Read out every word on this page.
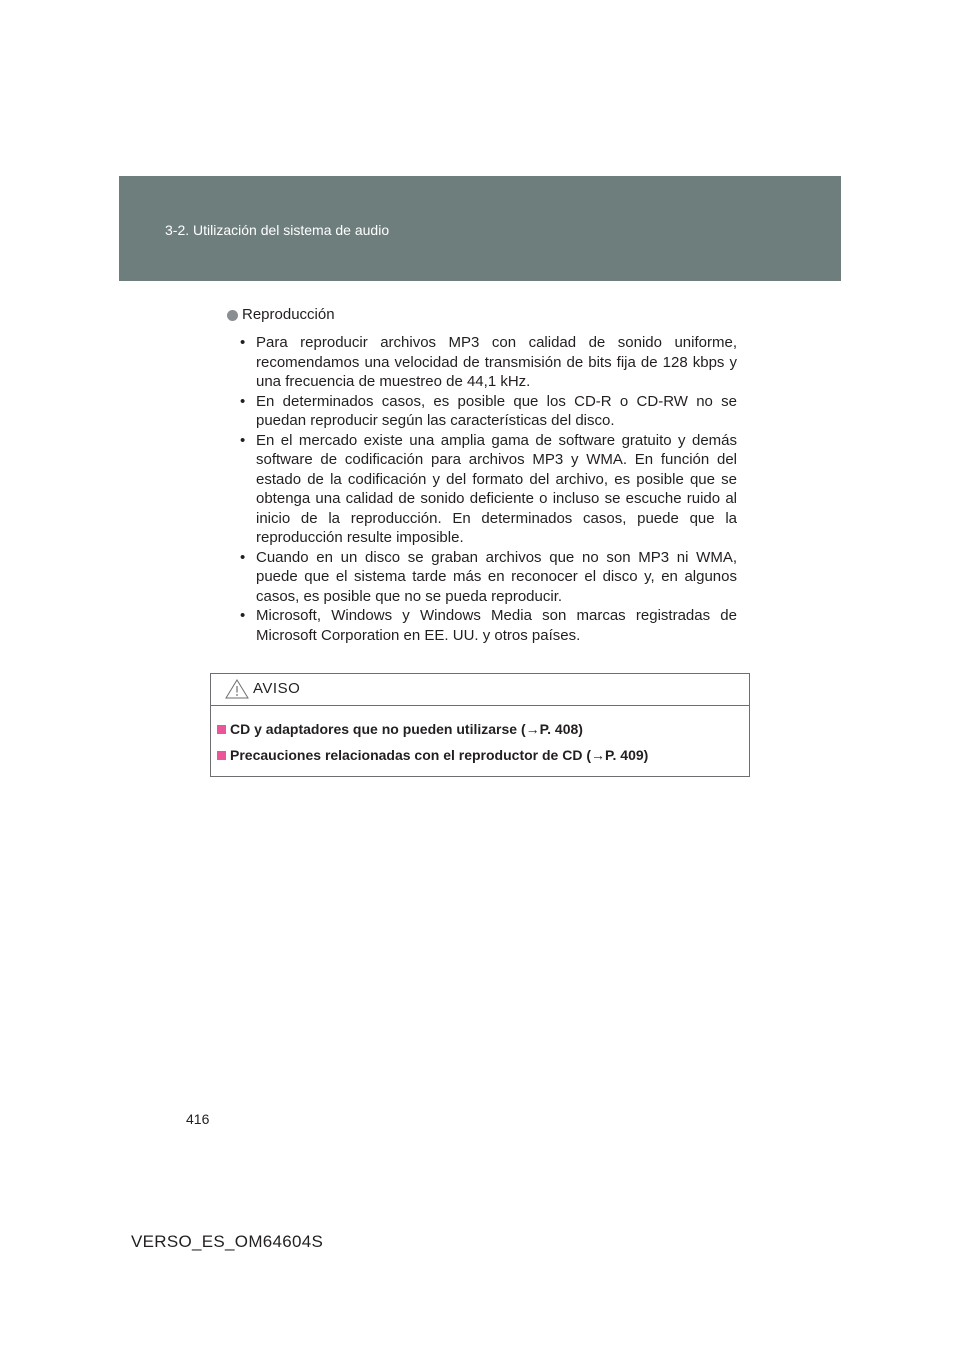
3-2. Utilización del sistema de audio
Reproducción
• Para reproducir archivos MP3 con calidad de sonido uniforme, recomendamos una velocidad de transmisión de bits fija de 128 kbps y una frecuencia de muestreo de 44,1 kHz.
• En determinados casos, es posible que los CD-R o CD-RW no se puedan reproducir según las características del disco.
• En el mercado existe una amplia gama de software gratuito y demás software de codificación para archivos MP3 y WMA. En función del estado de la codificación y del formato del archivo, es posible que se obtenga una calidad de sonido deficiente o incluso se escuche ruido al inicio de la reproducción. En determinados casos, puede que la reproducción resulte imposible.
• Cuando en un disco se graban archivos que no son MP3 ni WMA, puede que el sistema tarde más en reconocer el disco y, en algunos casos, es posible que no se pueda reproducir.
• Microsoft, Windows y Windows Media son marcas registradas de Microsoft Corporation en EE. UU. y otros países.
AVISO
CD y adaptadores que no pueden utilizarse (→P. 408)
Precauciones relacionadas con el reproductor de CD (→P. 409)
416
VERSO_ES_OM64604S
